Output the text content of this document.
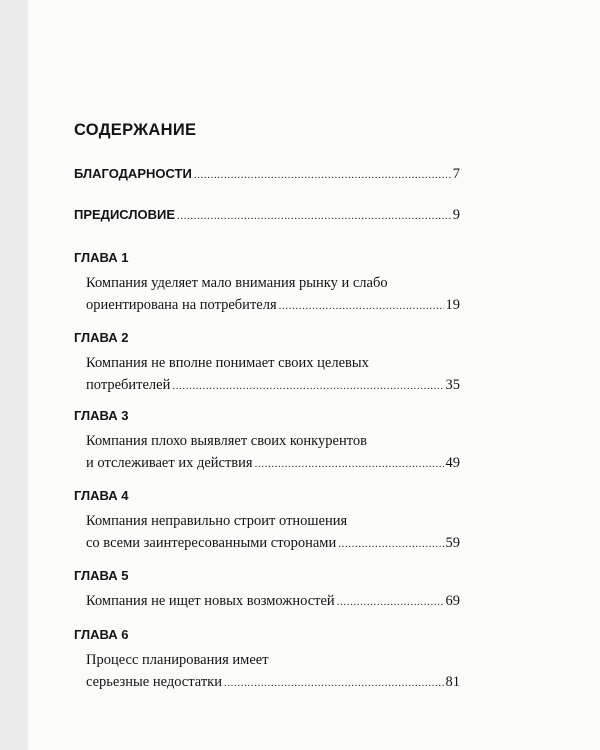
СОДЕРЖАНИЕ
БЛАГОДАРНОСТИ .....	7
ПРЕДИСЛОВИЕ .....	9
ГЛАВА 1
Компания уделяет мало внимания рынку и слабо
ориентирована на потребителя .....	19
ГЛАВА 2
Компания не вполне понимает своих целевых
потребителей .....	35
ГЛАВА 3
Компания плохо выявляет своих конкурентов
и отслеживает их действия .....	49
ГЛАВА 4
Компания неправильно строит отношения
со всеми заинтересованными сторонами .....	59
ГЛАВА 5
Компания не ищет новых возможностей .....	69
ГЛАВА 6
Процесс планирования имеет
серьезные недостатки .....	81
